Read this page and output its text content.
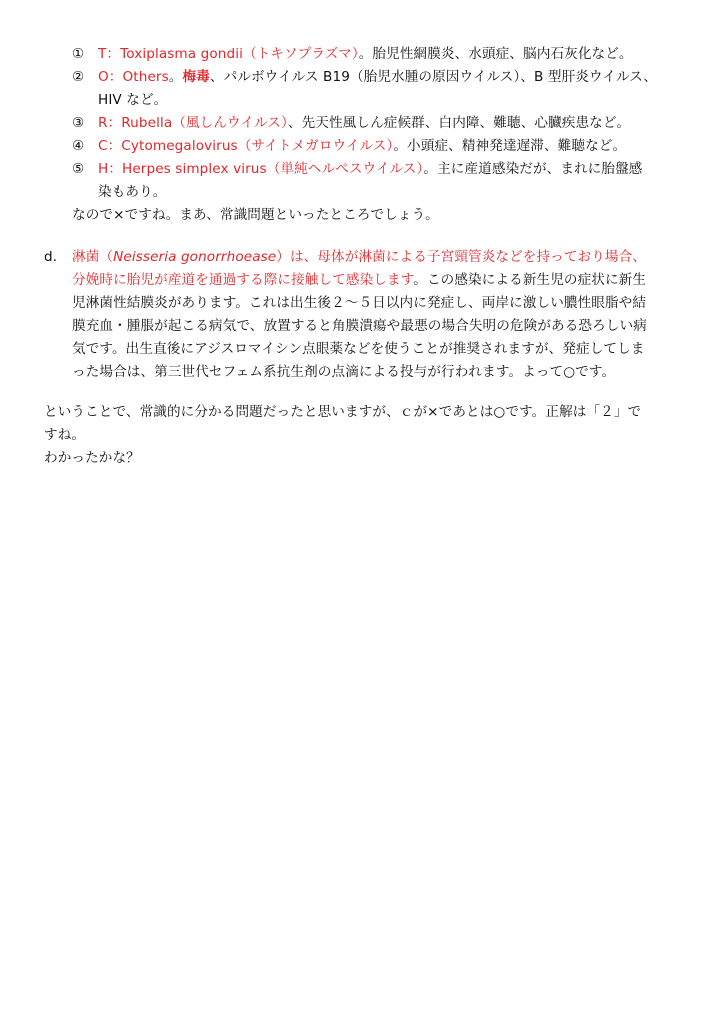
① T：Toxiplasma gondii（トキソプラズマ）。胎児性網膜炎、水頭症、脳内石灰化など。
② O：Others。梅毒、パルボウイルス B19（胎児水腫の原因ウイルス）、B 型肝炎ウイルス、
HIV など。
③ R：Rubella（風しんウイルス）、先天性風しん症候群、白内障、難聴、心臓疾患など。
④ C：Cytomegalovirus（サイトメガロウイルス）。小頭症、精神発達遅滞、難聴など。
⑤ H：Herpes simplex virus（単純ヘルペスウイルス）。主に産道感染だが、まれに胎盤感
染もあり。
なので×ですね。まあ、常識問題といったところでしょう。
d. 淋菌（Neisseria gonorrhoease）は、母体が淋菌による子宮頸管炎などを持っており場合、
分娩時に胎児が産道を通過する際に接触して感染します。この感染による新生児の症状に新生
児淋菌性結膜炎があります。これは出生後２～５日以内に発症し、両岸に激しい膿性眼脂や結
膜充血・腫脹が起こる病気で、放置すると角膜潰瘍や最悪の場合失明の危険がある恐ろしい病
気です。出生直後にアジスロマイシン点眼薬などを使うことが推奨されますが、発症してしま
った場合は、第三世代セフェム系抗生剤の点滴による投与が行われます。よって○です。
ということで、常識的に分かる問題だったと思いますが、ｃが×であとは○です。正解は「２」で
すね。
わかったかな？
